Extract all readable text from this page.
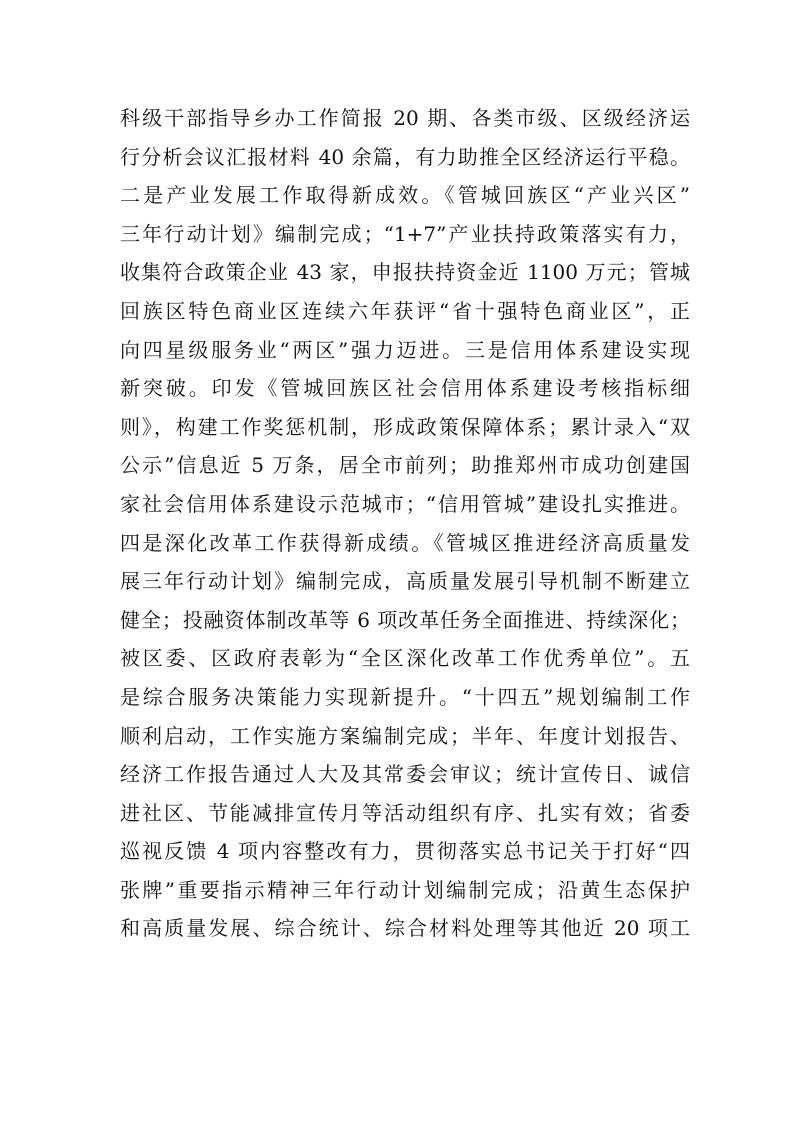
科级干部指导乡办工作简报 20 期、各类市级、区级经济运
行分析会议汇报材料 40 余篇，有力助推全区经济运行平稳。
二是产业发展工作取得新成效。《管城回族区“产业兴区”
三年行动计划》编制完成；“1+7”产业扶持政策落实有力，
收集符合政策企业 43 家，申报扶持资金近 1100 万元；管城
回族区特色商业区连续六年获评“省十强特色商业区”，正
向四星级服务业“两区”强力迈进。三是信用体系建设实现
新突破。印发《管城回族区社会信用体系建设考核指标细
则》，构建工作奖惩机制，形成政策保障体系；累计录入“双
公示”信息近 5 万条，居全市前列；助推郑州市成功创建国
家社会信用体系建设示范城市；“信用管城”建设扎实推进。
四是深化改革工作获得新成绩。《管城区推进经济高质量发
展三年行动计划》编制完成，高质量发展引导机制不断建立
健全；投融资体制改革等 6 项改革任务全面推进、持续深化；
被区委、区政府表彰为“全区深化改革工作优秀单位”。五
是综合服务决策能力实现新提升。“十四五”规划编制工作
顺利启动，工作实施方案编制完成；半年、年度计划报告、
经济工作报告通过人大及其常委会审议；统计宣传日、诚信
进社区、节能减排宣传月等活动组织有序、扎实有效；省委
巡视反馈 4 项内容整改有力，贯彻落实总书记关于打好“四
张牌”重要指示精神三年行动计划编制完成；沿黄生态保护
和高质量发展、综合统计、综合材料处理等其他近 20 项工
